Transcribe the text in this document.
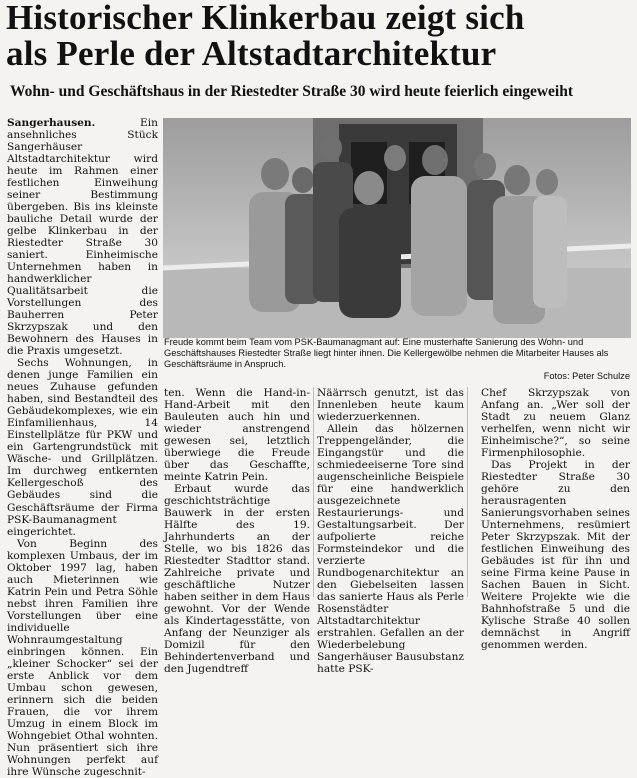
Historischer Klinkerbau zeigt sich
als Perle der Altstadtarchitektur
Wohn- und Geschäftshaus in der Riestedter Straße 30 wird heute feierlich eingeweiht

Sangerhausen.	Ein ansehnliches Stück Sangerhäuser Altstadtarchitektur wird heute im Rahmen einer festlichen Einweihung seiner Bestimmung übergeben. Bis ins kleinste bauliche Detail wurde der gelbe Klinkerbau in der Riestedter Straße 30 saniert. Einheimische Unternehmen haben in handwerklicher Qualitätsarbeit die Vorstellungen des Bauherren Peter Skrzypszak und den Bewohnern des Hauses in die Praxis umgesetzt.

Sechs Wohnungen, in denen junge Familien ein neues Zuhause gefunden haben, sind Bestandteil des Gebäudekomplexes, wie ein Einfamilienhaus, 14 Einstellplätze für PKW und ein Gartengrundstück mit Wäsche- und Grillplätzen. Im durchweg entkernten Kellergeschoß des Gebäudes sind die Geschäftsräume der Firma PSK-Baumanagment eingerichtet.

Von Beginn des komplexen Umbaus, der im Oktober 1997 lag, haben auch Mieterinnen wie Katrin Pein und Petra Söhle nebst ihren Familien ihre Vorstellungen über eine individuelle Wohnraumgestaltung einbringen können. Ein „kleiner Schocker“ sei der erste Anblick vor dem Umbau schon gewesen, erinnern sich die beiden Frauen, die vor ihrem Umzug in einem Block im Wohngebiet Othal wohnten. Nun präsentiert sich ihre Wohnungen perfekt auf ihre Wünsche zugeschnit-

Freude kommt beim Team vom PSK-Baumanagmant auf: Eine musterhafte Sanierung des Wohn- und Geschäftshauses Riestedter Straße liegt hinter ihnen. Die Kellergewölbe nehmen die Mitarbeiter Hauses als Geschäftsräume in Anspruch.
Fotos: Peter Schulze

ten. Wenn die Hand-in-Hand-Arbeit mit den Bauleuten auch hin und wieder anstrengend gewesen sei, letztlich überwiege die Freude über das Geschaffte, meinte Katrin Pein.

Erbaut wurde das geschichtsträchtige Bauwerk in der ersten Hälfte des 19. Jahrhunderts an der Stelle, wo bis 1826 das Riestedter Stadttor stand. Zahlreiche private und geschäftliche Nutzer haben seither in dem Haus gewohnt. Vor der Wende als Kindertagesstätte, von Anfang der Neunziger als Domizil für den Behindertenverband und den Jugendtreff

Näärrsch genutzt, ist das Innenleben heute kaum wiederzuerkennen.

Allein das hölzernen Treppengeländer, die Eingangstür und die schmiedeeiserne Tore sind augenscheinliche Beispiele für eine handwerklich ausgezeichnete Restaurierungs- und Gestaltungsarbeit. Der aufpolierte reiche Formsteindekor und die verzierte Rundbogenarchitektur an den Giebelseiten lassen das sanierte Haus als Perle Rosenstädter Altstadtarchitektur erstrahlen. Gefallen an der Wiederbelebung Sangerhäuser Bausubstanz hatte PSK-

Chef Skrzypszak von Anfang an. „Wer soll der Stadt zu neuem Glanz verhelfen, wenn nicht wir Einheimische?“, so seine Firmenphilosophie.

Das Projekt in der Riestedter Straße 30 gehöre zu den herausragenten Sanierungsvorhaben seines Unternehmens, resümiert Peter Skrzypszak. Mit der festlichen Einweihung des Gebäudes ist für ihn und seine Firma keine Pause in Sachen Bauen in Sicht. Weitere Projekte wie die Bahnhofstraße 5 und die Kylische Straße 40 sollen demnächst in Angriff genommen werden.
